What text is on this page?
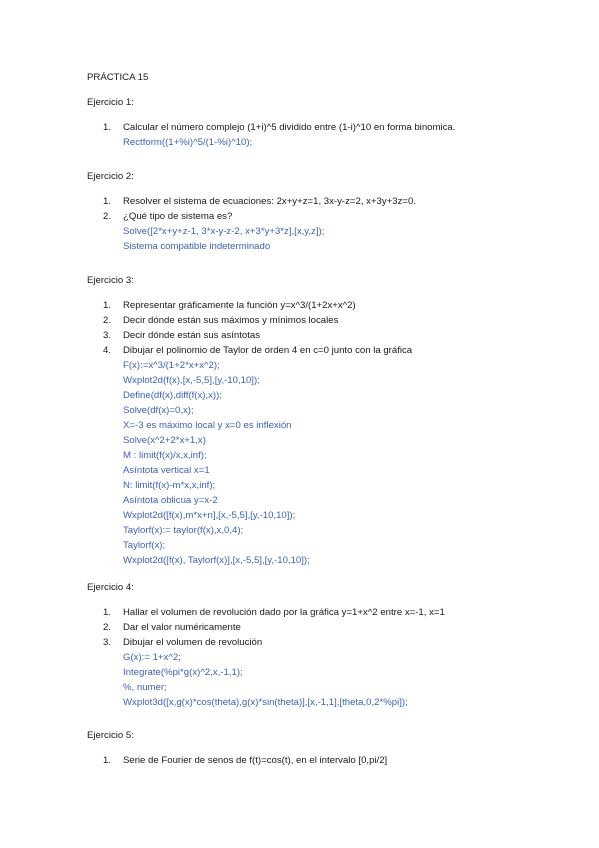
PRÁCTICA 15

Ejercicio 1:

1.	Calcular el número complejo (1+i)^5 dividido entre (1-i)^10 en forma binomica.
Rectform((1+%i)^5/(1-%i)^10);

Ejercicio 2:

1.	Resolver el sistema de ecuaciones: 2x+y+z=1, 3x-y-z=2, x+3y+3z=0.
2.	¿Qué tipo de sistema es?
Solve([2*x+y+z-1, 3*x-y-z-2, x+3*y+3*z],[x,y,z]);
Sistema compatible indeterminado

Ejercicio 3:

1.	Representar gráficamente la función y=x^3/(1+2x+x^2)
2.	Decir dónde están sus máximos y mínimos locales
3.	Decir dónde están sus asíntotas
4.	Dibujar el polinomio de Taylor de orden 4 en c=0 junto con la gráfica
F(x):=x^3/(1+2*x+x^2);
Wxplot2d(f(x),[x,-5,5],[y,-10,10]);
Define(df(x),diff(f(x),x));
Solve(df(x)=0,x);
X=-3 es máximo local y x=0 es inflexión
Solve(x^2+2*x+1,x)
M : limit(f(x)/x,x,inf);
Asíntota vertical x=1
N: limit(f(x)-m*x,x,inf);
Asíntota oblicua y=x-2
Wxplot2d([f(x),m*x+n],[x,-5,5],[y,-10,10]);
Taylorf(x):= taylor(f(x),x,0,4);
Taylorf(x);
Wxplot2d([f(x), Taylorf(x)],[x,-5,5],[y,-10,10]);

Ejercicio 4:

1.	Hallar el volumen de revolución dado por la gráfica y=1+x^2 entre x=-1, x=1
2.	Dar el valor numéricamente
3.	Dibujar el volumen de revolución
G(x):= 1+x^2;
Integrate(%pi*g(x)^2,x,-1,1);
%, numer;
Wxplot3d([x,g(x)*cos(theta),g(x)*sin(theta)],[x,-1,1],[theta,0,2*%pi]);

Ejercicio 5:

1.	Serie de Fourier de senos de f(t)=cos(t), en el intervalo [0,pi/2]
